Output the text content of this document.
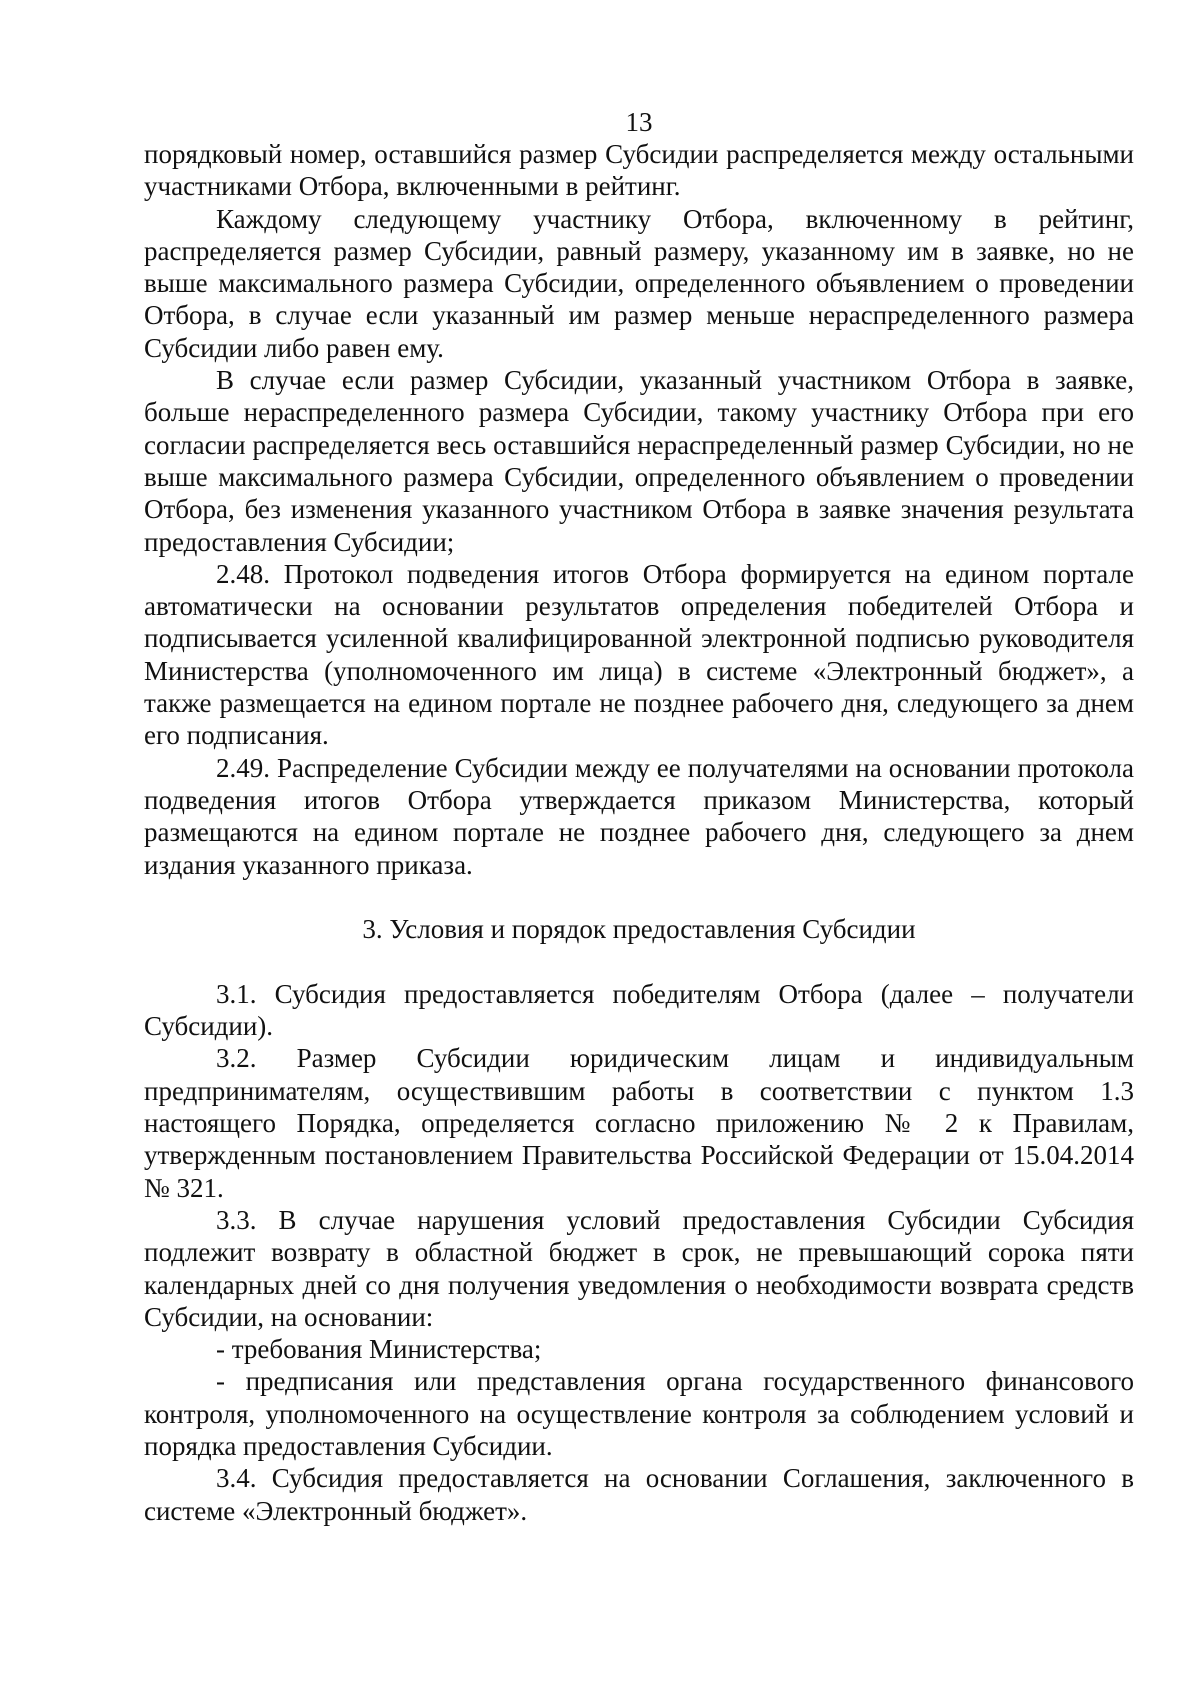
13

порядковый номер, оставшийся размер Субсидии распределяется между остальными участниками Отбора, включенными в рейтинг.

Каждому следующему участнику Отбора, включенному в рейтинг, распределяется размер Субсидии, равный размеру, указанному им в заявке, но не выше максимального размера Субсидии, определенного объявлением о проведении Отбора, в случае если указанный им размер меньше нераспределенного размера Субсидии либо равен ему.

В случае если размер Субсидии, указанный участником Отбора в заявке, больше нераспределенного размера Субсидии, такому участнику Отбора при его согласии распределяется весь оставшийся нераспределенный размер Субсидии, но не выше максимального размера Субсидии, определенного объявлением о проведении Отбора, без изменения указанного участником Отбора в заявке значения результата предоставления Субсидии;

2.48. Протокол подведения итогов Отбора формируется на едином портале автоматически на основании результатов определения победителей Отбора и подписывается усиленной квалифицированной электронной подписью руководителя Министерства (уполномоченного им лица) в системе «Электронный бюджет», а также размещается на едином портале не позднее рабочего дня, следующего за днем его подписания.

2.49. Распределение Субсидии между ее получателями на основании протокола подведения итогов Отбора утверждается приказом Министерства, который размещаются на едином портале не позднее рабочего дня, следующего за днем издания указанного приказа.

3. Условия и порядок предоставления Субсидии

3.1. Субсидия предоставляется победителям Отбора (далее – получатели Субсидии).

3.2. Размер Субсидии юридическим лицам и индивидуальным предпринимателям, осуществившим работы в соответствии с пунктом 1.3 настоящего Порядка, определяется согласно приложению № 2 к Правилам, утвержденным постановлением Правительства Российской Федерации от 15.04.2014 № 321.

3.3. В случае нарушения условий предоставления Субсидии Субсидия подлежит возврату в областной бюджет в срок, не превышающий сорока пяти календарных дней со дня получения уведомления о необходимости возврата средств Субсидии, на основании:

- требования Министерства;

- предписания или представления органа государственного финансового контроля, уполномоченного на осуществление контроля за соблюдением условий и порядка предоставления Субсидии.

3.4. Субсидия предоставляется на основании Соглашения, заключенного в системе «Электронный бюджет».
